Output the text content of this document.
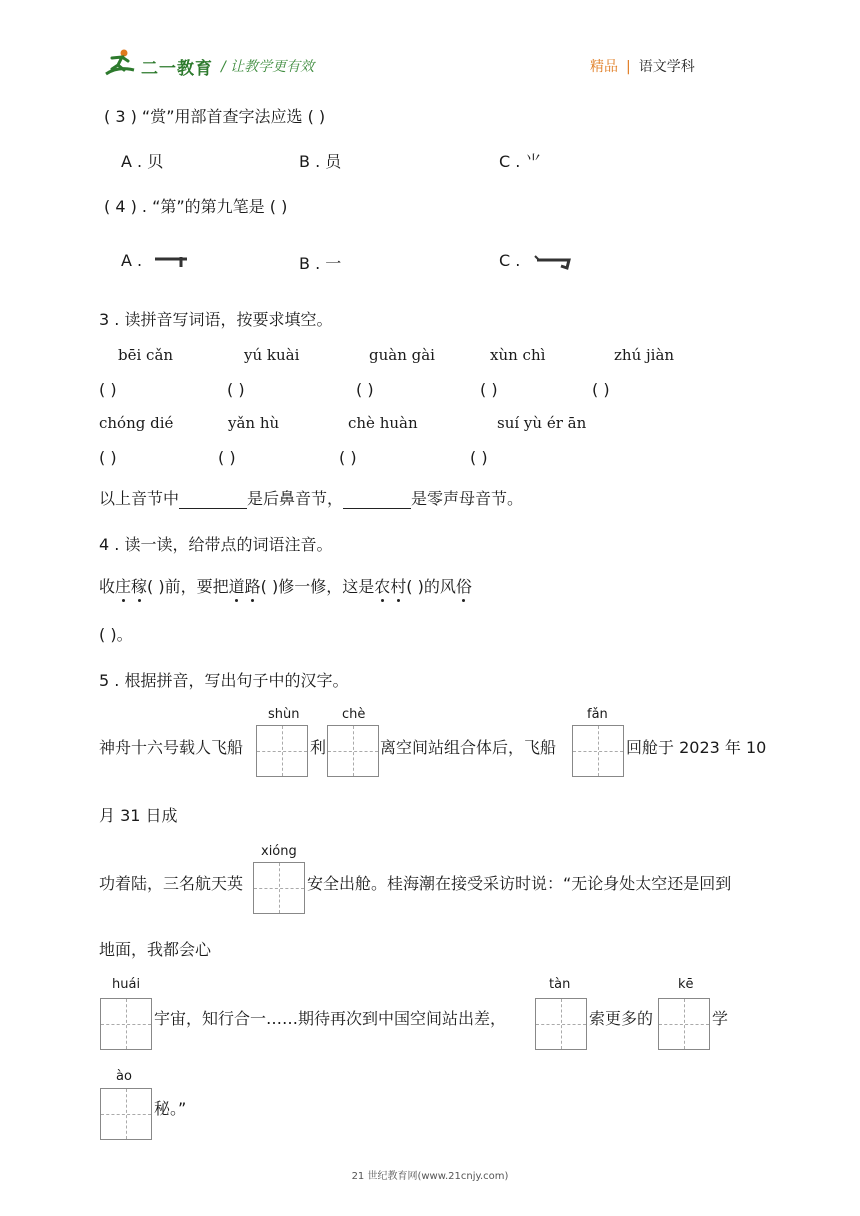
二一教育 / 让教学更有效	精品 | 语文学科
( 3 ) “赏”用部首查字法应选 ( )
A . 贝	B . 员	C . ⺌
( 4 ) . “第”的第九笔是 ( )
A .	B . 一	C .
3 . 读拼音写词语，按要求填空。
bēi cǎn	yú kuài	guàn gài	xùn chì	zhú jiàn
( )	( )	( )	( )	( )
chóng dié	yǎn hù	chè huàn	suí yù ér ān
( )	( )	( )	( )
以上音节中	是后鼻音节，	是零声母音节。
4 . 读一读，给带点的词语注音。
收庄稼( )前，要把道路( )修一修，这是农村( )的风俗
( )。
5 . 根据拼音，写出句子中的汉字。
shùn	chè	fǎn
神舟十六号载人飞船	利	离空间站组合体后，飞船	回舱于 2023 年 10
月 31 日成
xióng
功着陆，三名航天英	安全出舱。桂海潮在接受采访时说：“无论身处太空还是回到
地面，我都会心
huái	tàn	kē
宇宙，知行合一……期待再次到中国空间站出差，	索更多的	学
ào
秘。”
21 世纪教育网(www.21cnjy.com)
